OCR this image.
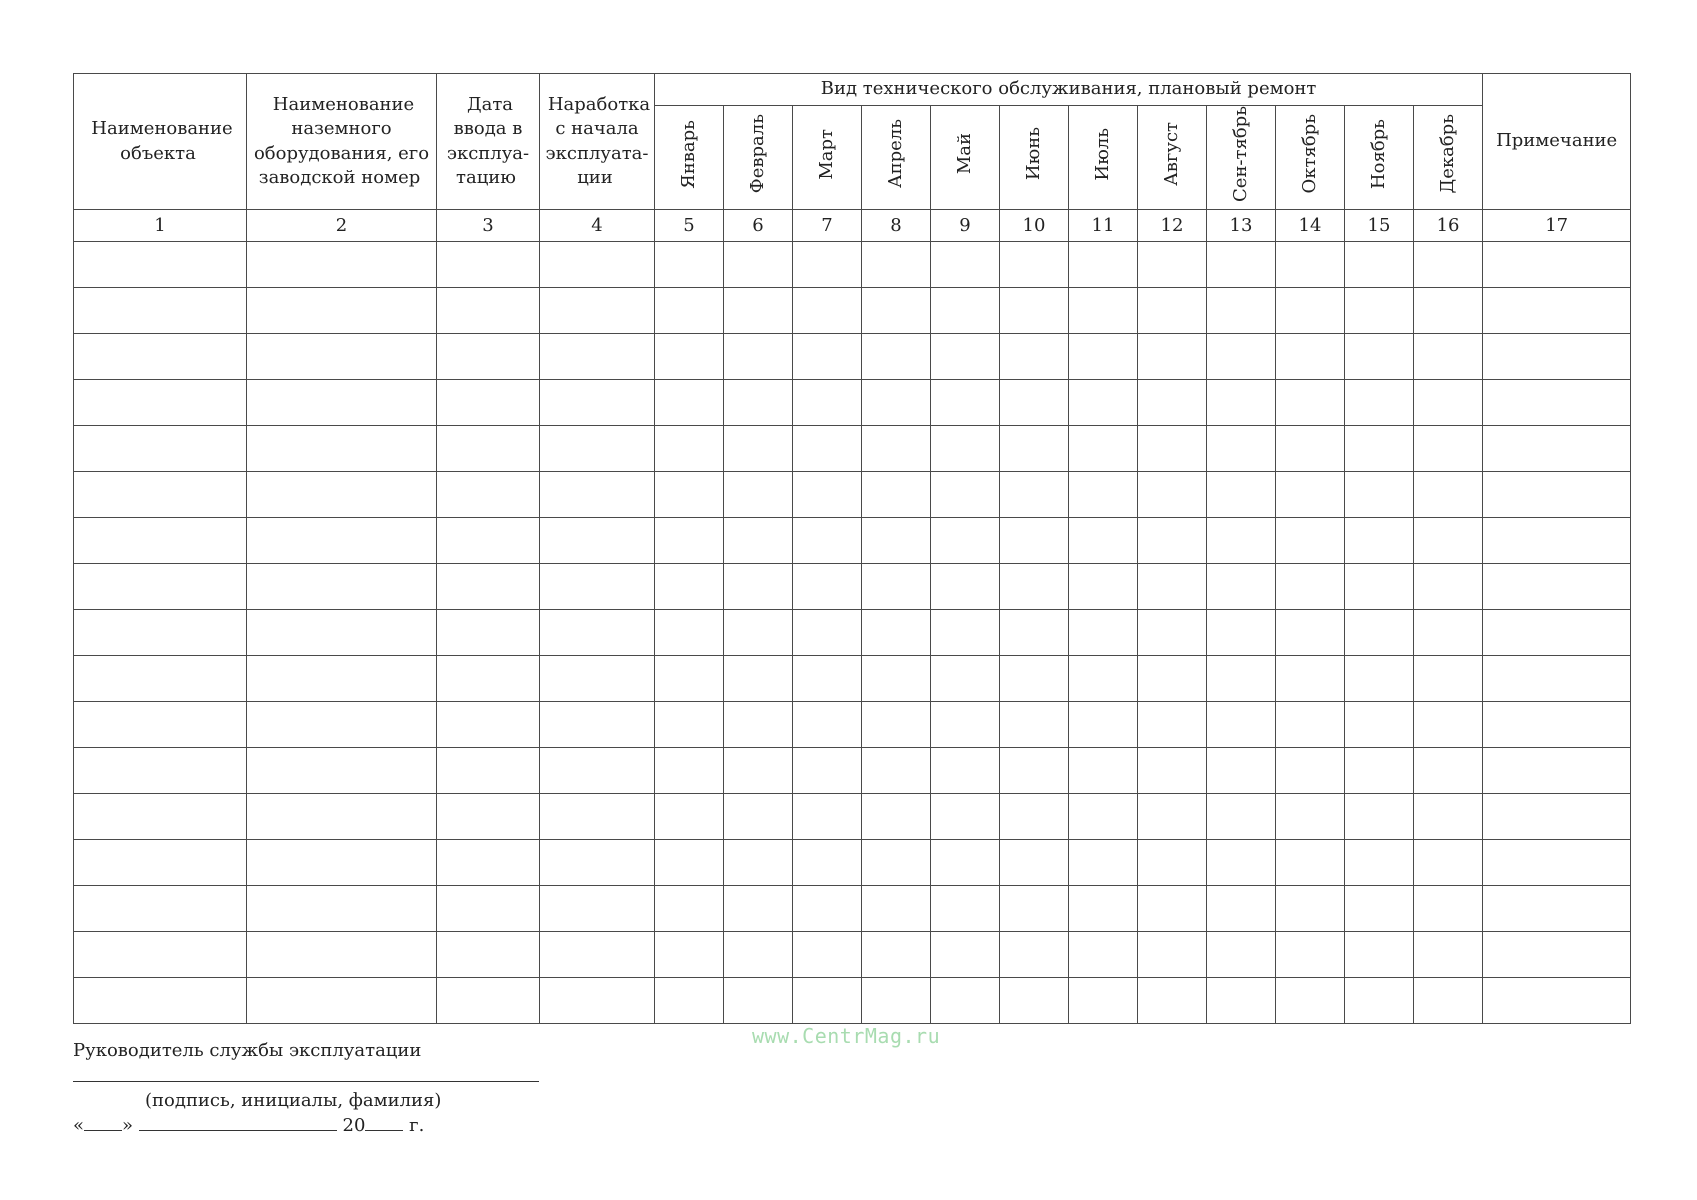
Наименование объекта	Наименование наземного оборудования, его заводской номер	Дата ввода в эксплуа-тацию	Наработка с начала эксплуата-ции	Вид технического обслуживания, плановый ремонт												Примечание
				Январь	Февраль	Март	Апрель	Май	Июнь	Июль	Август	Сен-тябрь	Октябрь	Ноябрь	Декабрь	
1	2	3	4	5	6	7	8	9	10	11	12	13	14	15	16	17

Руководитель службы эксплуатации
(подпись, инициалы, фамилия)
« »	20 г.
www.CentrMag.ru
